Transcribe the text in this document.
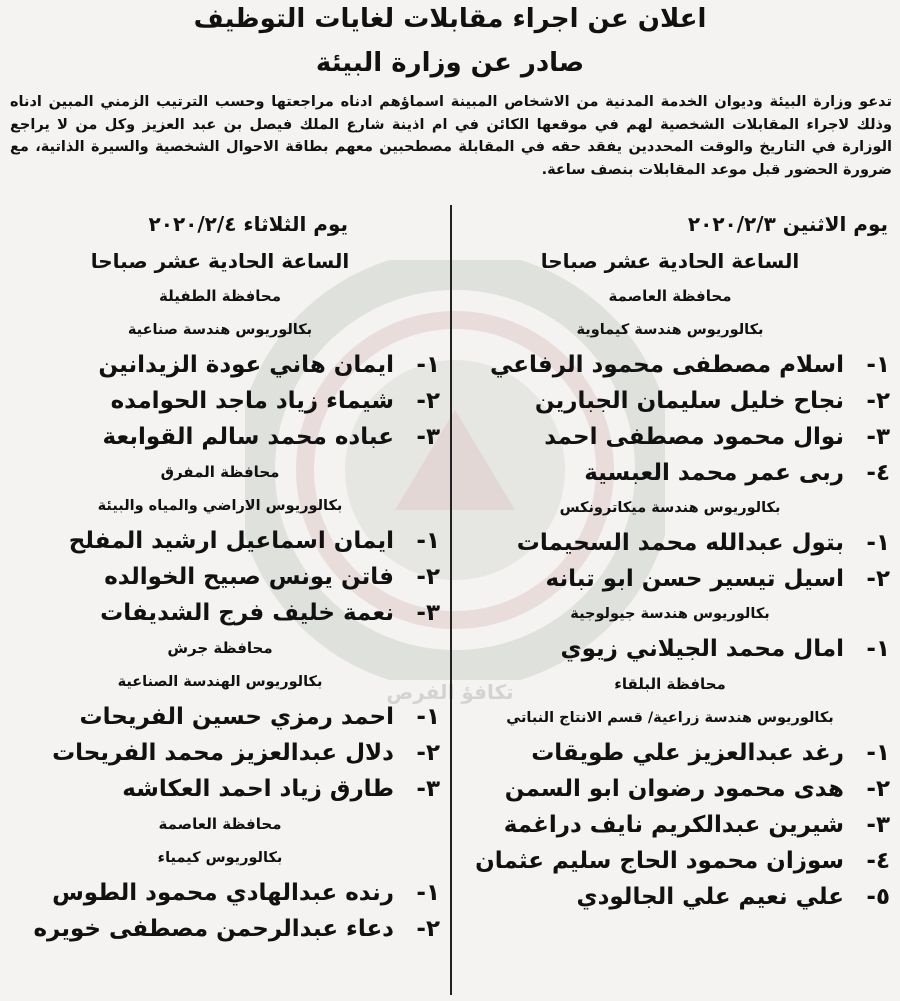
تكافؤ الفرص
اعلان عن اجراء مقابلات لغايات التوظيف
صادر عن وزارة البيئة
تدعو وزارة البيئة وديوان الخدمة المدنية من الاشخاص المبينة اسماؤهم ادناه مراجعتها وحسب الترتيب الزمني المبين ادناه وذلك لاجراء المقابلات الشخصية لهم في موقعها الكائن في ام اذينة شارع الملك فيصل بن عبد العزيز وكل من لا يراجع الوزارة في التاريخ والوقت المحددين يفقد حقه في المقابلة مصطحبين معهم بطاقة الاحوال الشخصية والسيرة الذاتية، مع ضرورة الحضور قبل موعد المقابلات بنصف ساعة.
يوم الاثنين ٢٠٢٠/٢/٣
الساعة الحادية عشر صباحا
محافظة العاصمة
بكالوريوس هندسة كيماوية
١- اسلام مصطفى محمود الرفاعي
٢- نجاح خليل سليمان الجبارين
٣- نوال محمود مصطفى احمد
٤- ربى عمر محمد العبسية
بكالوريوس هندسة ميكاترونكس
١- بتول عبدالله محمد السحيمات
٢- اسيل تيسير حسن ابو تبانه
بكالوريوس هندسة جيولوجية
١- امال محمد الجيلاني زيوي
محافظة البلقاء
بكالوريوس هندسة زراعية/ قسم الانتاج النباتي
١- رغد عبدالعزيز علي طويقات
٢- هدى محمود رضوان ابو السمن
٣- شيرين عبدالكريم نايف دراغمة
٤- سوزان محمود الحاج سليم عثمان
٥- علي نعيم علي الجالودي
يوم الثلاثاء ٢٠٢٠/٢/٤
الساعة الحادية عشر صباحا
محافظة الطفيلة
بكالوريوس هندسة صناعية
١- ايمان هاني عودة الزيدانين
٢- شيماء زياد ماجد الحوامده
٣- عباده محمد سالم القوابعة
محافظة المفرق
بكالوريوس الاراضي والمياه والبيئة
١- ايمان اسماعيل ارشيد المفلح
٢- فاتن يونس صبيح الخوالده
٣- نعمة خليف فرج الشديفات
محافظة جرش
بكالوريوس الهندسة الصناعية
١- احمد رمزي حسين الفريحات
٢- دلال عبدالعزيز محمد الفريحات
٣- طارق زياد احمد العكاشه
محافظة العاصمة
بكالوريوس كيمياء
١- رنده عبدالهادي محمود الطوس
٢- دعاء عبدالرحمن مصطفى خويره
